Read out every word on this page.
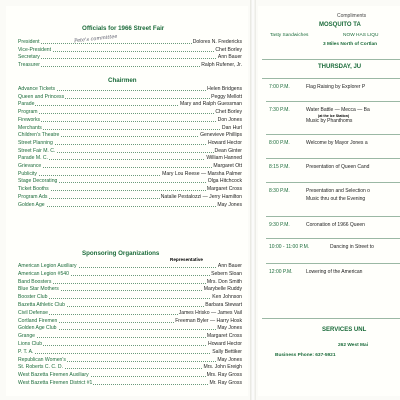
Officials for 1966 Street Fair
Pete's committee
President	Dolores N. Fredericks
Vice-President	Chet Borley
Secretary	Ann Bauer
Treasurer	Ralph Rufener, Jr.
Chairmen
Advance Tickets	Helen Bridgens
Queen and Princess	Peggy Mellott
Parade	Mary and Ralph Guessman
Program	Chet Borley
Fireworks	Don Jones
Merchants	Dan Hurl
Children's Theatre	Genevieve Phillips
Street Planning	Howard Hector
Street Fair M. C.	Dean Ginter
Parade M. C.	William Hanned
Grievance	Margaret Ott
Publicity	Mary Lou Reese — Marsha Palmer
Stage Decorating	Olga Hitchcock
Ticket Booths	Margaret Cross
Program Ads	Natalie Pestalozzi — Jerry Hamilton
Golden Age	May Jones
Sponsoring Organizations
Representative
American Legion Auxiliary	Ann Bauer
American Legion #540	Sebern Sloan
Band Boosters	Mrs. Don Smith
Blue Star Mothers	Marybelle Ruddy
Booster Club	Ken Johnson
Bazetta Athletic Club	Barbara Stewart
Civil Defense	James Hrisko — James Vail
Cortland Firemen	Freeman Byler — Harry Hosk
Golden Age Club	May Jones
Grange	Margaret Cross
Lions Club	Howard Hector
P. T. A.	Sally Bettiker
Republican Women's	May Jones
St. Roberts C. C. D.	Mrs. John Ereigh
West Bazetta Firemen Auxiliary	Mrs. Ray Gross
West Bazetta Firemen District #1	Mr. Ray Gross
Compliments
MOSQUITO TA
Tasty Sandwiches	NOW HAS LIQU
3 Miles North of Cortlan
THURSDAY, JU
7:00 P.M.	Flag Raising by Explorer P
7:30 P.M.	Water Battle — Mecca — Ba
(at the Ice Station)
Music by Phanthoms
8:00 P.M.	Welcome by Mayor Jones a
8:15 P.M.	Presentation of Queen Cand
8:30 P.M.	Presentation and Selection o
Music thru out the Evening
9:30 P.M.	Coronation of 1966 Queen
10:00 - 11:00 P.M.	Dancing in Street to
12:00 P.M.	Lowering of the American
SERVICES UNL
262 West Mai
Business Phone: 637-5921
